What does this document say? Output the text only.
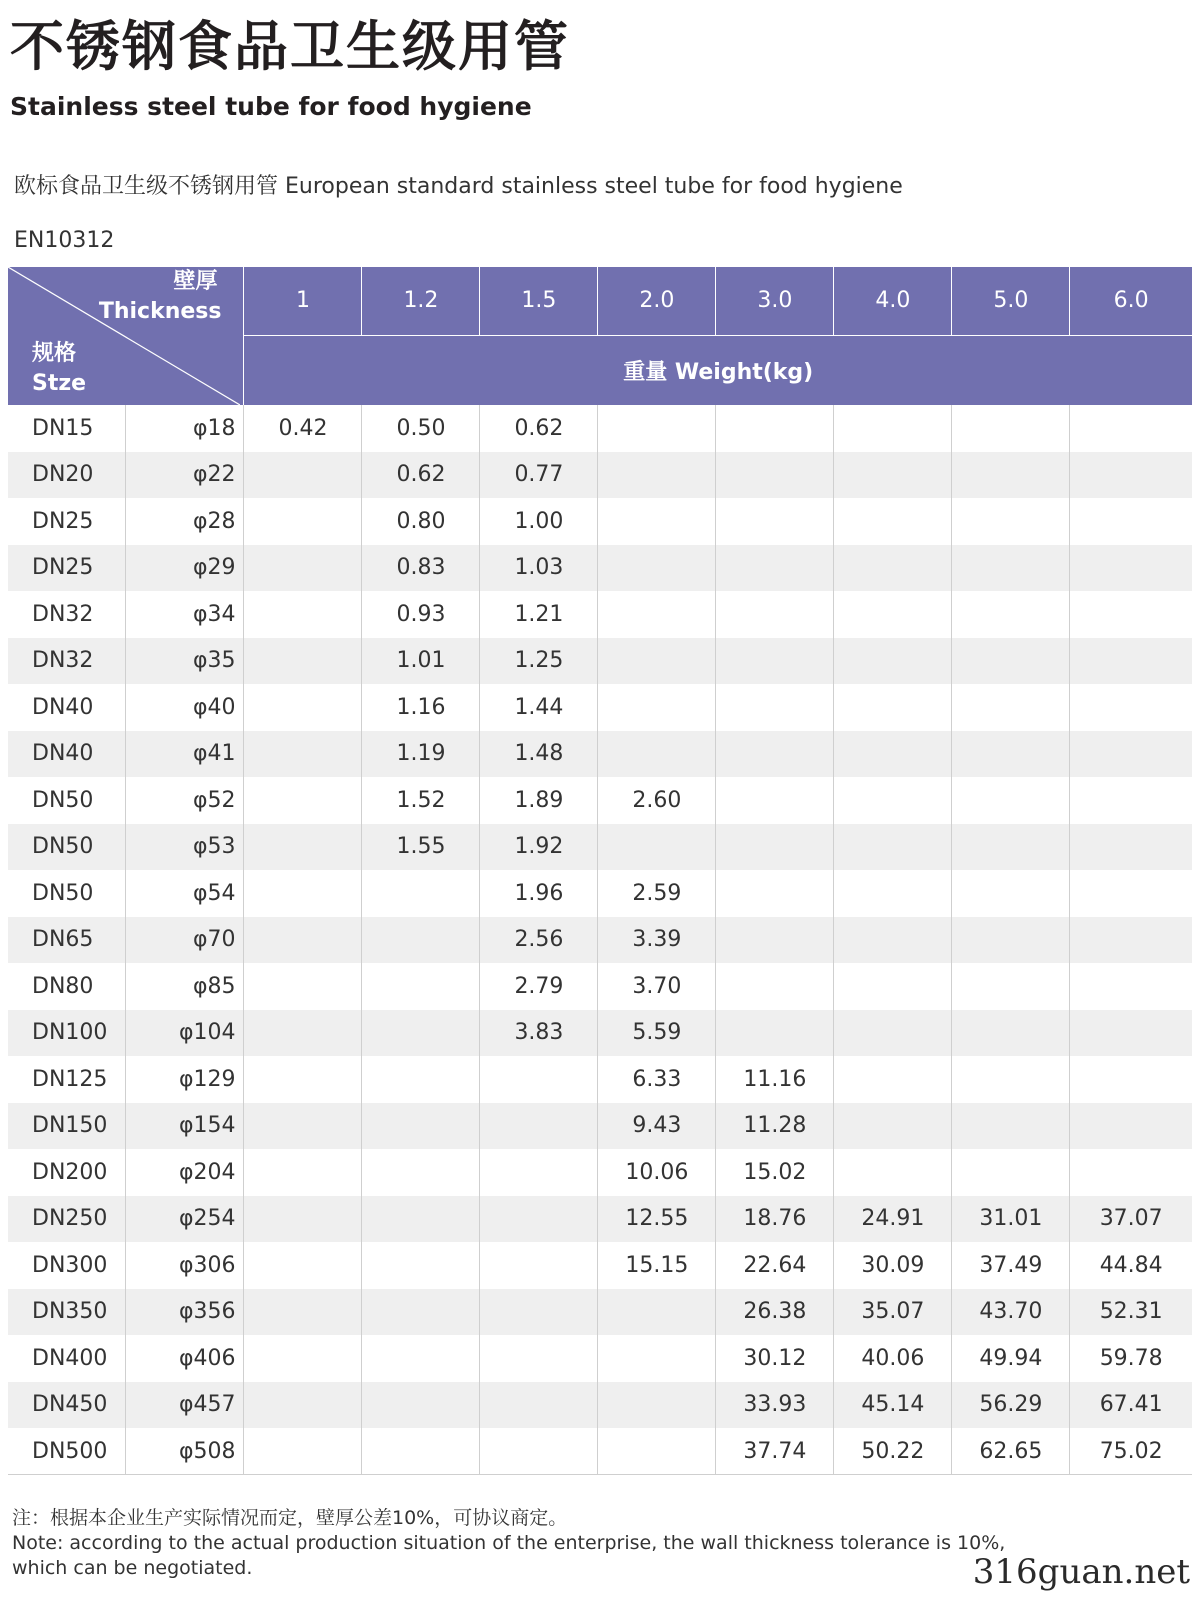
不锈钢食品卫生级用管
Stainless steel tube for food hygiene

欧标食品卫生级不锈钢用管 European standard stainless steel tube for food hygiene

EN10312

壁厚
Thickness
规格
Stze		1	1.2	1.5	2.0	3.0	4.0	5.0	6.0
		重量 Weight(kg)							
DN15	φ18	0.42	0.50	0.62					
DN20	φ22		0.62	0.77					
DN25	φ28		0.80	1.00					
DN25	φ29		0.83	1.03					
DN32	φ34		0.93	1.21					
DN32	φ35		1.01	1.25					
DN40	φ40		1.16	1.44					
DN40	φ41		1.19	1.48					
DN50	φ52		1.52	1.89	2.60				
DN50	φ53		1.55	1.92					
DN50	φ54			1.96	2.59				
DN65	φ70			2.56	3.39				
DN80	φ85			2.79	3.70				
DN100	φ104			3.83	5.59				
DN125	φ129				6.33	11.16			
DN150	φ154				9.43	11.28			
DN200	φ204				10.06	15.02			
DN250	φ254				12.55	18.76	24.91	31.01	37.07
DN300	φ306				15.15	22.64	30.09	37.49	44.84
DN350	φ356					26.38	35.07	43.70	52.31
DN400	φ406					30.12	40.06	49.94	59.78
DN450	φ457					33.93	45.14	56.29	67.41
DN500	φ508					37.74	50.22	62.65	75.02
注：根据本企业生产实际情况而定，壁厚公差10%，可协议商定。
Note: according to the actual production situation of the enterprise, the wall thickness tolerance is 10%,
which can be negotiated.	316guan.net
